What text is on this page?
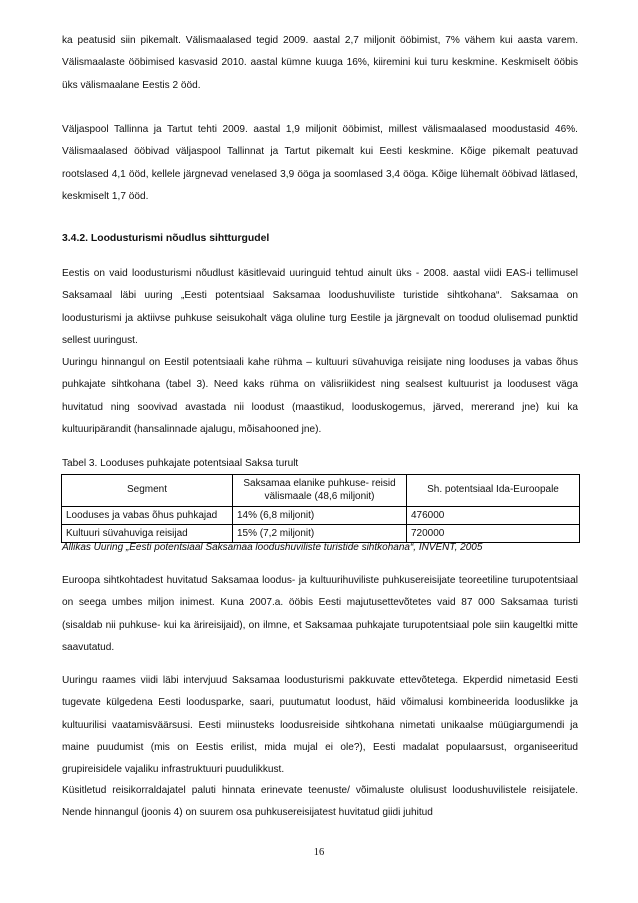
ka peatusid siin pikemalt. Välismaalased tegid 2009. aastal 2,7 miljonit ööbimist, 7% vähem kui aasta varem. Välismaalaste ööbimised kasvasid 2010. aastal kümne kuuga 16%, kiiremini kui turu keskmine. Keskmiselt ööbis üks välismaalane Eestis 2 ööd.

Väljaspool Tallinna ja Tartut tehti 2009. aastal 1,9 miljonit ööbimist, millest välismaalased moodustasid 46%. Välismaalased ööbivad väljaspool Tallinnat ja Tartut pikemalt kui Eesti keskmine. Kõige pikemalt peatuvad rootslased 4,1 ööd, kellele järgnevad venelased 3,9 ööga ja soomlased 3,4 ööga. Kõige lühemalt ööbivad lätlased, keskmiselt 1,7 ööd.

3.4.2. Loodusturismi nõudlus sihtturgudel

Eestis on vaid loodusturismi nõudlust käsitlevaid uuringuid tehtud ainult üks - 2008. aastal viidi EAS-i tellimusel Saksamaal läbi uuring „Eesti potentsiaal Saksamaa loodushuviliste turistide sihtkohana“. Saksamaa on loodusturismi ja aktiivse puhkuse seisukohalt väga oluline turg Eestile ja järgnevalt on toodud olulisemad punktid sellest uuringust.

Uuringu hinnangul on Eestil potentsiaali kahe rühma – kultuuri süvahuviga reisijate ning looduses ja vabas õhus puhkajate sihtkohana (tabel 3). Need kaks rühma on välisriikidest ning sealsest kultuurist ja loodusest väga huvitatud ning soovivad avastada nii loodust (maastikud, looduskogemus, järved, mererand jne) kui ka kultuuripärandit (hansalinnade ajalugu, mõisahooned jne).

Tabel 3. Looduses puhkajate potentsiaal Saksa turult

Segment	Saksamaa elanike puhkuse- reisid välismaale (48,6 miljonit)	Sh. potentsiaal Ida-Euroopale
Looduses ja vabas õhus puhkajad	14% (6,8 miljonit)	476000
Kultuuri süvahuviga reisijad	15% (7,2 miljonit)	720000

Allikas Uuring „Eesti potentsiaal Saksamaa loodushuviliste turistide sihtkohana“, INVENT, 2005

Euroopa sihtkohtadest huvitatud Saksamaa loodus- ja kultuurihuviliste puhkusereisijate teoreetiline turupotentsiaal on seega umbes miljon inimest. Kuna 2007.a. ööbis Eesti majutusettevõtetes vaid 87 000 Saksamaa turisti (sisaldab nii puhkuse- kui ka ärireisijaid), on ilmne, et Saksamaa puhkajate turupotentsiaal pole siin kaugeltki mitte saavutatud.

Uuringu raames viidi läbi intervjuud Saksamaa loodusturismi pakkuvate ettevõtetega. Ekperdid nimetasid Eesti tugevate külgedena Eesti loodusparke, saari, puutumatut loodust, häid võimalusi kombineerida looduslikke ja kultuurilisi vaatamisväärsusi. Eesti miinusteks loodusreiside sihtkohana nimetati unikaalse müügiargumendi ja maine puudumist (mis on Eestis erilist, mida mujal ei ole?), Eesti madalat populaarsust, organiseeritud grupireisidele vajaliku infrastruktuuri puudulikkust.

Küsitletud reisikorraldajatel paluti hinnata erinevate teenuste/ võimaluste olulisust loodushuvilistele reisijatele. Nende hinnangul (joonis 4) on suurem osa puhkusereisijatest huvitatud giidi juhitud

16
